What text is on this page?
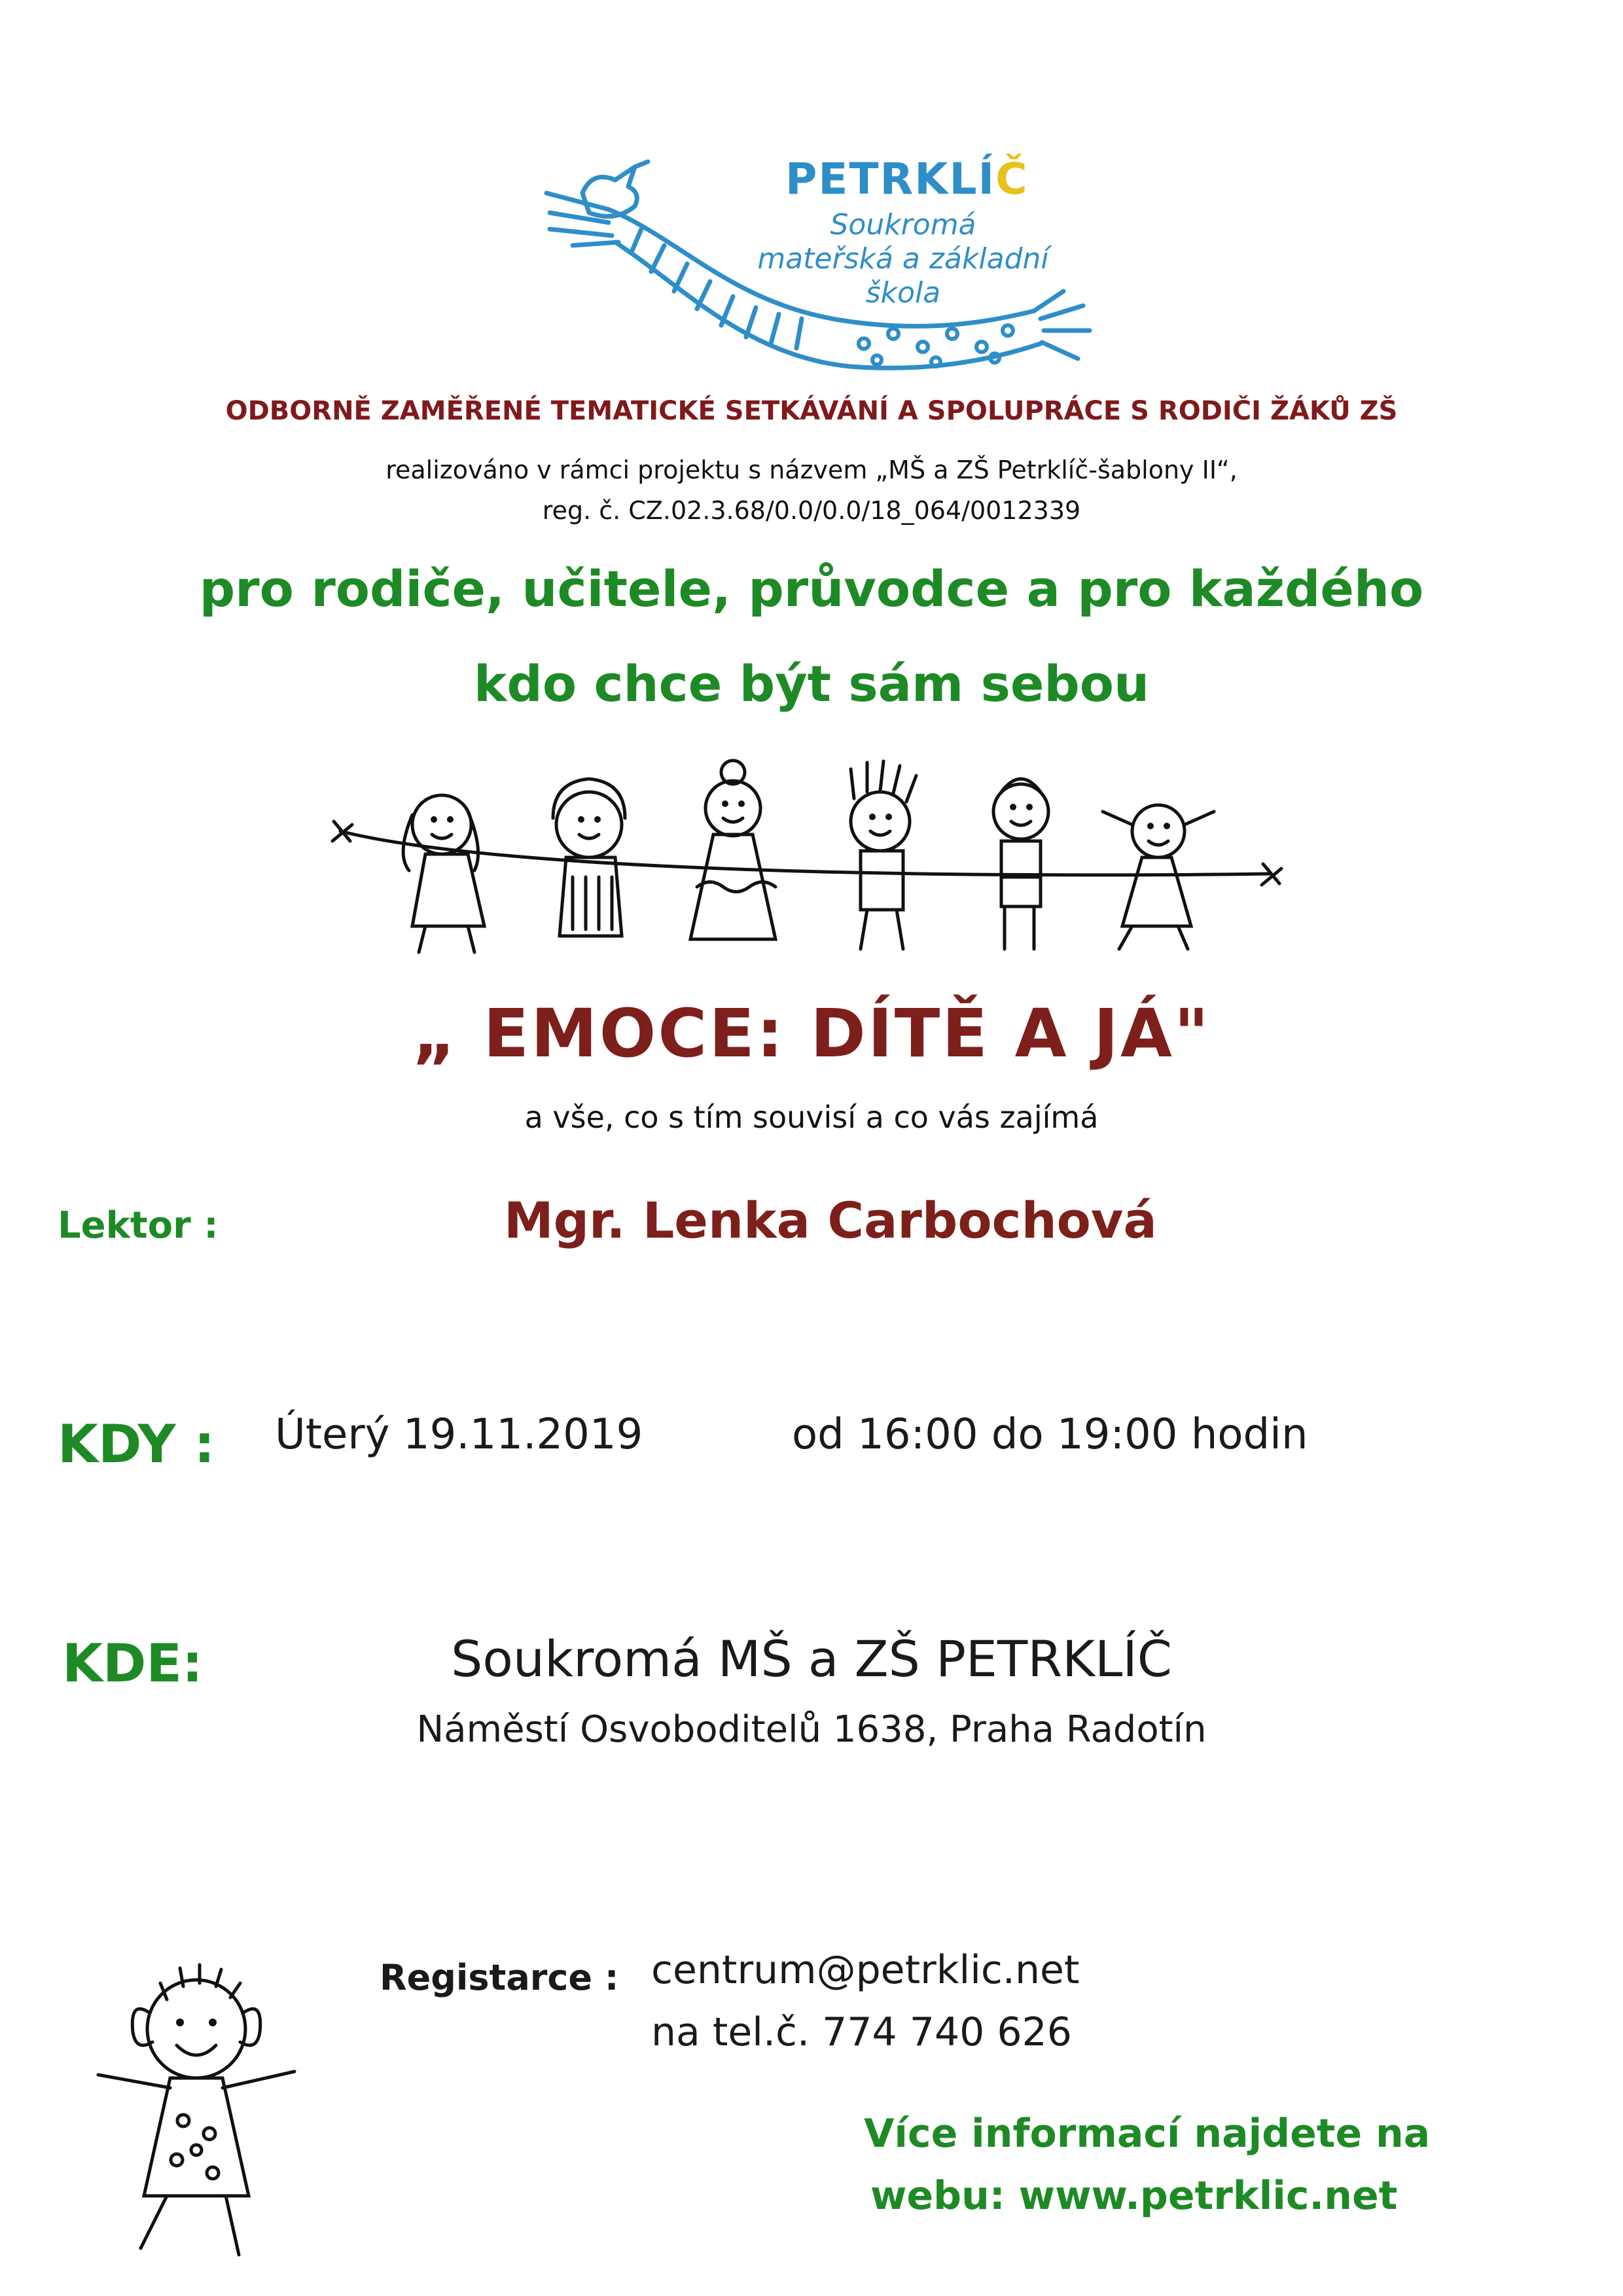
PETRKLÍČ
Soukromá
mateřská a základní
škola
ODBORNĚ ZAMĚŘENÉ TEMATICKÉ SETKÁVÁNÍ A SPOLUPRÁCE S RODIČI ŽÁKŮ ZŠ
realizováno v rámci projektu s názvem „MŠ a ZŠ Petrklíč-šablony II“,
reg. č. CZ.02.3.68/0.0/0.0/18_064/0012339
pro rodiče, učitele, průvodce a pro každého
kdo chce být sám sebou
„ EMOCE: DÍTĚ A JÁ"
a vše, co s tím souvisí a co vás zajímá
Lektor :	Mgr. Lenka Carbochová
KDY : Úterý 19.11.2019	od 16:00 do 19:00 hodin
KDE:	Soukromá MŠ a ZŠ PETRKLÍČ
Náměstí Osvoboditelů 1638, Praha Radotín
Registarce : centrum@petrklic.net
na tel.č. 774 740 626
Více informací najdete na
webu: www.petrklic.net
